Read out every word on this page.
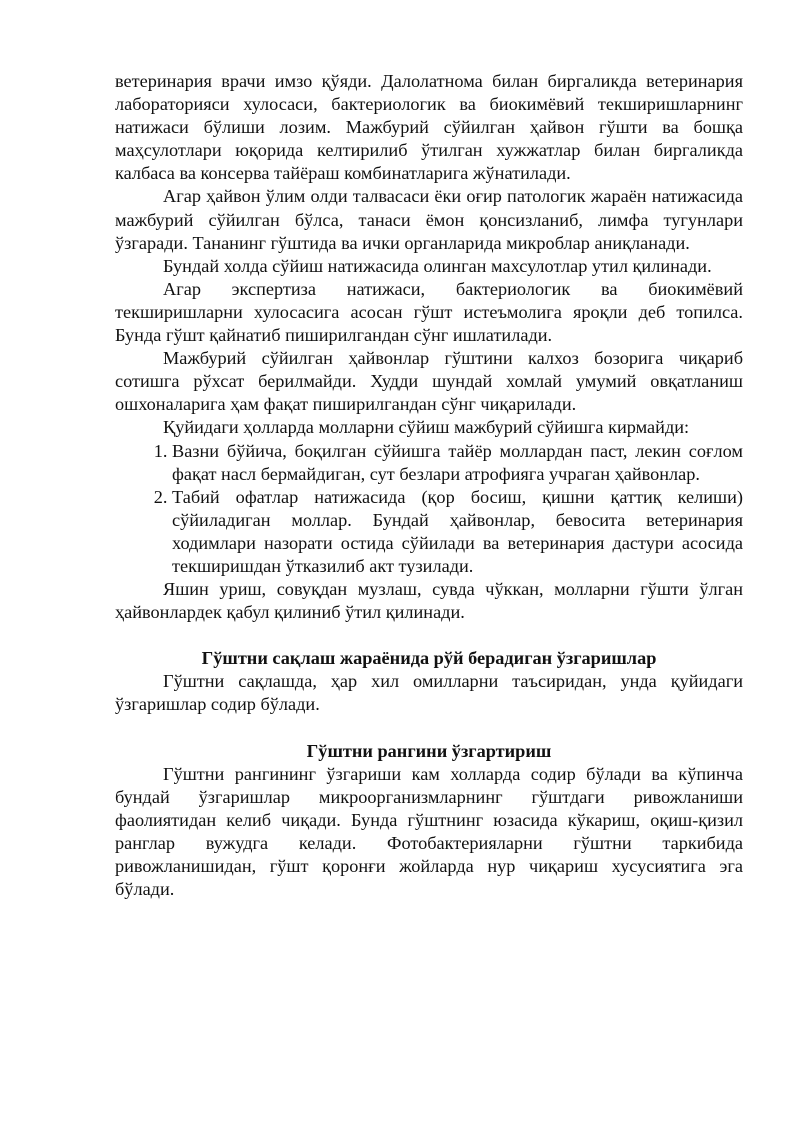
ветеринария врачи имзо қўяди. Далолатнома билан биргаликда ветеринария лабораторияси хулосаси, бактериологик ва биокимёвий текширишларнинг натижаси бўлиши лозим. Мажбурий сўйилган ҳайвон гўшти ва бошқа маҳсулотлари юқорида келтирилиб ўтилган хужжатлар билан биргаликда калбаса ва консерва тайёраш комбинатларига жўнатилади.

Агар ҳайвон ўлим олди талвасаси ёки оғир патологик жараён натижасида мажбурий сўйилган бўлса, танаси ёмон қонсизланиб, лимфа тугунлари ўзгаради. Тананинг гўштида ва ички органларида микроблар аниқланади.

Бундай холда сўйиш натижасида олинган махсулотлар утил қилинади.

Агар экспертиза натижаси, бактериологик ва биокимёвий текширишларни хулосасига асосан гўшт истеъмолига яроқли деб топилса. Бунда гўшт қайнатиб пиширилгандан сўнг ишлатилади.

Мажбурий сўйилган ҳайвонлар гўштини калхоз бозорига чиқариб сотишга рўхсат берилмайди. Худди шундай хомлай умумий овқатланиш ошхоналарига ҳам фақат пиширилгандан сўнг чиқарилади.

Қуйидаги ҳолларда молларни сўйиш мажбурий сўйишга кирмайди:

1. Вазни бўйича, боқилган сўйишга тайёр моллардан паст, лекин соғлом фақат насл бермайдиган, сут безлари атрофияга учраган ҳайвонлар.
2. Табий офатлар натижасида (қор босиш, қишни қаттиқ келиши) сўйиладиган моллар. Бундай ҳайвонлар, бевосита ветеринария ходимлари назорати остида сўйилади ва ветеринария дастури асосида текширишдан ўтказилиб акт тузилади.

Яшин уриш, совуқдан музлаш, сувда чўккан, молларни гўшти ўлган ҳайвонлардек қабул қилиниб ўтил қилинади.

Гўштни сақлаш жараёнида рўй берадиган ўзгаришлар

Гўштни сақлашда, ҳар хил омилларни таъсиридан, унда қуйидаги ўзгаришлар содир бўлади.

Гўштни рангини ўзгартириш

Гўштни рангининг ўзгариши кам холларда содир бўлади ва кўпинча бундай ўзгаришлар микроорганизмларнинг гўштдаги ривожланиши фаолиятидан келиб чиқади. Бунда гўштнинг юзасида кўкариш, оқиш-қизил ранглар вужудга келади. Фотобактерияларни гўштни таркибида ривожланишидан, гўшт қоронғи жойларда нур чиқариш хусусиятига эга бўлади.
